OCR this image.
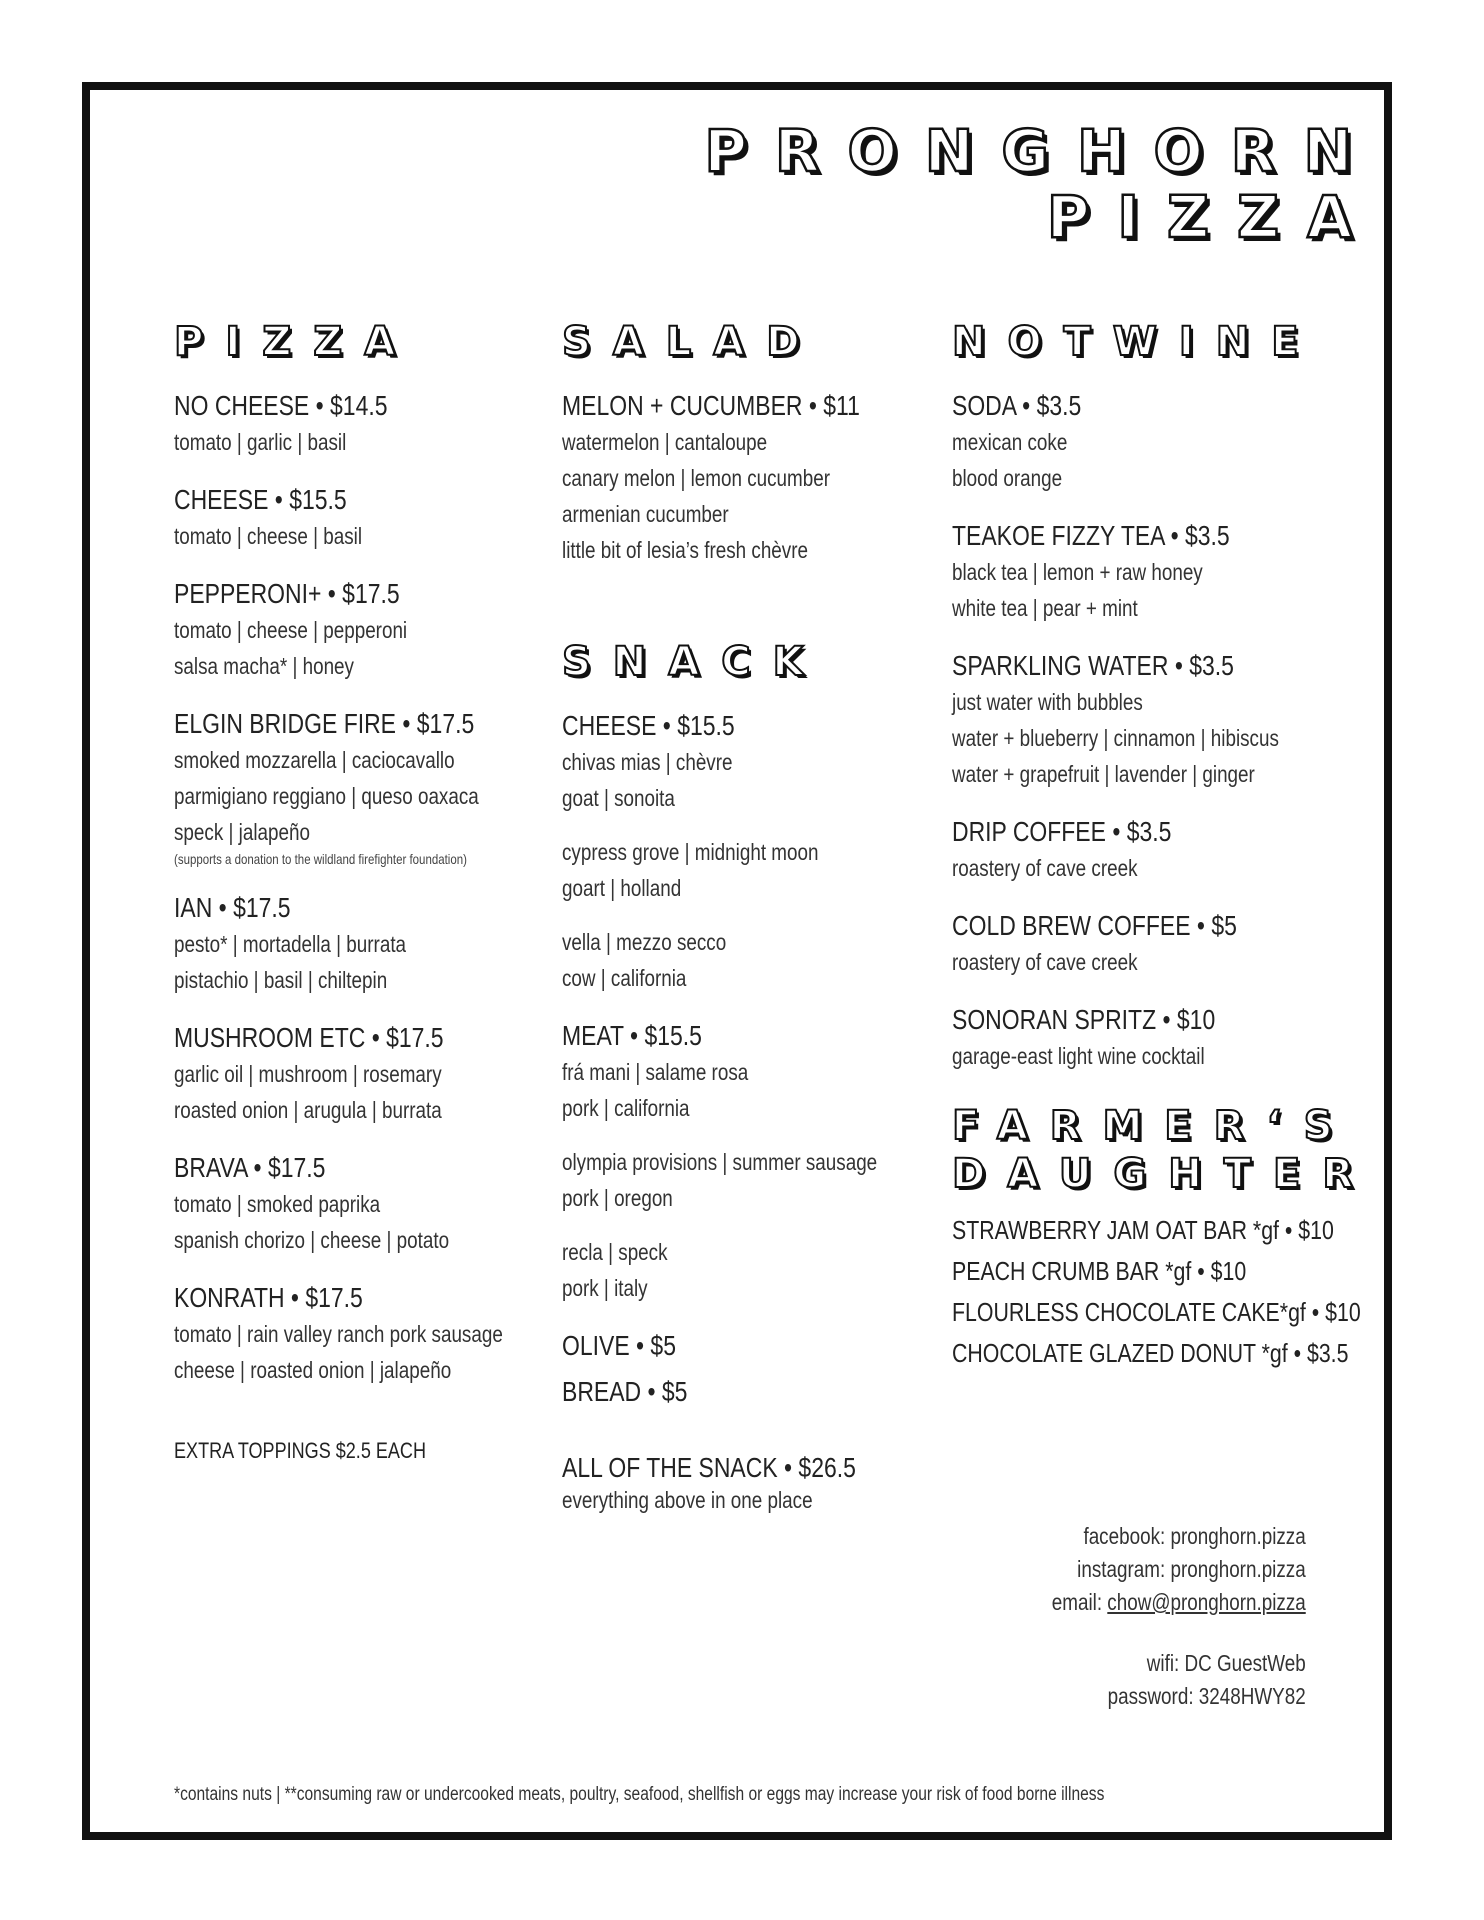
PRONGHORN
PIZZA
PIZZA
NO CHEESE • $14.5
tomato | garlic | basil
CHEESE • $15.5
tomato | cheese | basil
PEPPERONI+ • $17.5
tomato | cheese | pepperoni
salsa macha* | honey
ELGIN BRIDGE FIRE • $17.5
smoked mozzarella | caciocavallo
parmigiano reggiano | queso oaxaca
speck | jalapeño
(supports a donation to the wildland firefighter foundation)
IAN • $17.5
pesto* | mortadella | burrata
pistachio | basil | chiltepin
MUSHROOM ETC • $17.5
garlic oil | mushroom | rosemary
roasted onion | arugula | burrata
BRAVA • $17.5
tomato | smoked paprika
spanish chorizo | cheese | potato
KONRATH • $17.5
tomato | rain valley ranch pork sausage
cheese | roasted onion | jalapeño
EXTRA TOPPINGS $2.5 EACH
SALAD
MELON + CUCUMBER • $11
watermelon | cantaloupe
canary melon | lemon cucumber
armenian cucumber
little bit of lesia’s fresh chèvre
SNACK
CHEESE • $15.5
chivas mias | chèvre
goat | sonoita
cypress grove | midnight moon
goart | holland
vella | mezzo secco
cow | california
MEAT • $15.5
frá mani | salame rosa
pork | california
olympia provisions | summer sausage
pork | oregon
recla | speck
pork | italy
OLIVE • $5
BREAD • $5
ALL OF THE SNACK • $26.5
everything above in one place
NOTWINE
SODA • $3.5
mexican coke
blood orange
TEAKOE FIZZY TEA • $3.5
black tea | lemon + raw honey
white tea | pear + mint
SPARKLING WATER • $3.5
just water with bubbles
water + blueberry | cinnamon | hibiscus
water + grapefruit | lavender | ginger
DRIP COFFEE • $3.5
roastery of cave creek
COLD BREW COFFEE • $5
roastery of cave creek
SONORAN SPRITZ • $10
garage-east light wine cocktail
FARMER‘S
DAUGHTER
STRAWBERRY JAM OAT BAR *gf • $10
PEACH CRUMB BAR *gf • $10
FLOURLESS CHOCOLATE CAKE*gf • $10
CHOCOLATE GLAZED DONUT *gf • $3.5
facebook: pronghorn.pizza
instagram: pronghorn.pizza
email: chow@pronghorn.pizza
wifi: DC GuestWeb
password: 3248HWY82
*contains nuts | **consuming raw or undercooked meats, poultry, seafood, shellfish or eggs may increase your risk of food borne illness
